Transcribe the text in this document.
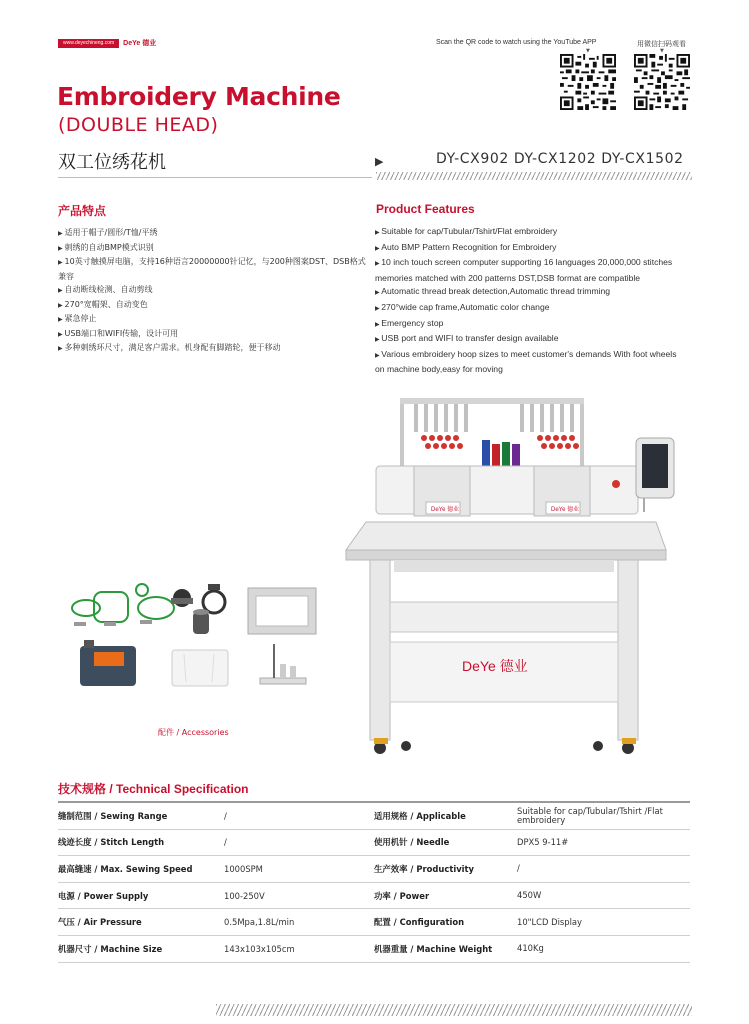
www.deyechineng.com	DeYe 德业	Scan the QR code to watch using the YouTube APP	用微信扫码观看
▼	▼
Embroidery Machine
(DOUBLE HEAD)
双工位绣花机	▶	DY-CX902 DY-CX1202 DY-CX1502
产品特点	Product Features
▶ 适用于帽子/圆形/T恤/平绣
▶ 刺绣的自动BMP模式识别
▶ 10英寸触摸屏电脑，支持16种语言20000000针记忆，与200种图案DST、DSB格式兼容
▶ 自动断线检测、自动剪线
▶ 270°宽帽架、自动变色
▶ 紧急停止
▶ USB端口和WIFI传输，设计可用
▶ 多种刺绣环尺寸，满足客户需求。机身配有脚踏轮，便于移动
▶ Suitable for cap/Tubular/Tshirt/Flat embroidery
▶ Auto BMP Pattern Recognition for Embroidery
▶ 10 inch touch screen computer supporting 16 languages 20,000,000 stitches memories matched with 200 patterns DST,DSB format are compatible
▶ Automatic thread break detection,Automatic thread trimming
▶ 270°wide cap frame,Automatic color change
▶ Emergency stop
▶ USB port and WIFI to transfer design available
▶ Various embroidery hoop sizes to meet customer's demands With foot wheels on machine body,easy for moving
配件 / Accessories
DeYe 德业	DeYe 德业
DeYe 德业
技术规格 / Technical Specification
缝制范围 / Sewing Range	/	适用规格 / Applicable	Suitable for cap/Tubular/Tshirt /Flat embroidery
线迹长度 / Stitch Length	/	使用机针 / Needle	DPX5 9-11#
最高缝速 / Max. Sewing Speed	1000SPM	生产效率 / Productivity	/
电源 / Power Supply	100-250V	功率 / Power	450W
气压 / Air Pressure	0.5Mpa,1.8L/min	配置 / Configuration	10"LCD Display
机器尺寸 / Machine Size	143x103x105cm	机器重量 / Machine Weight	410Kg
